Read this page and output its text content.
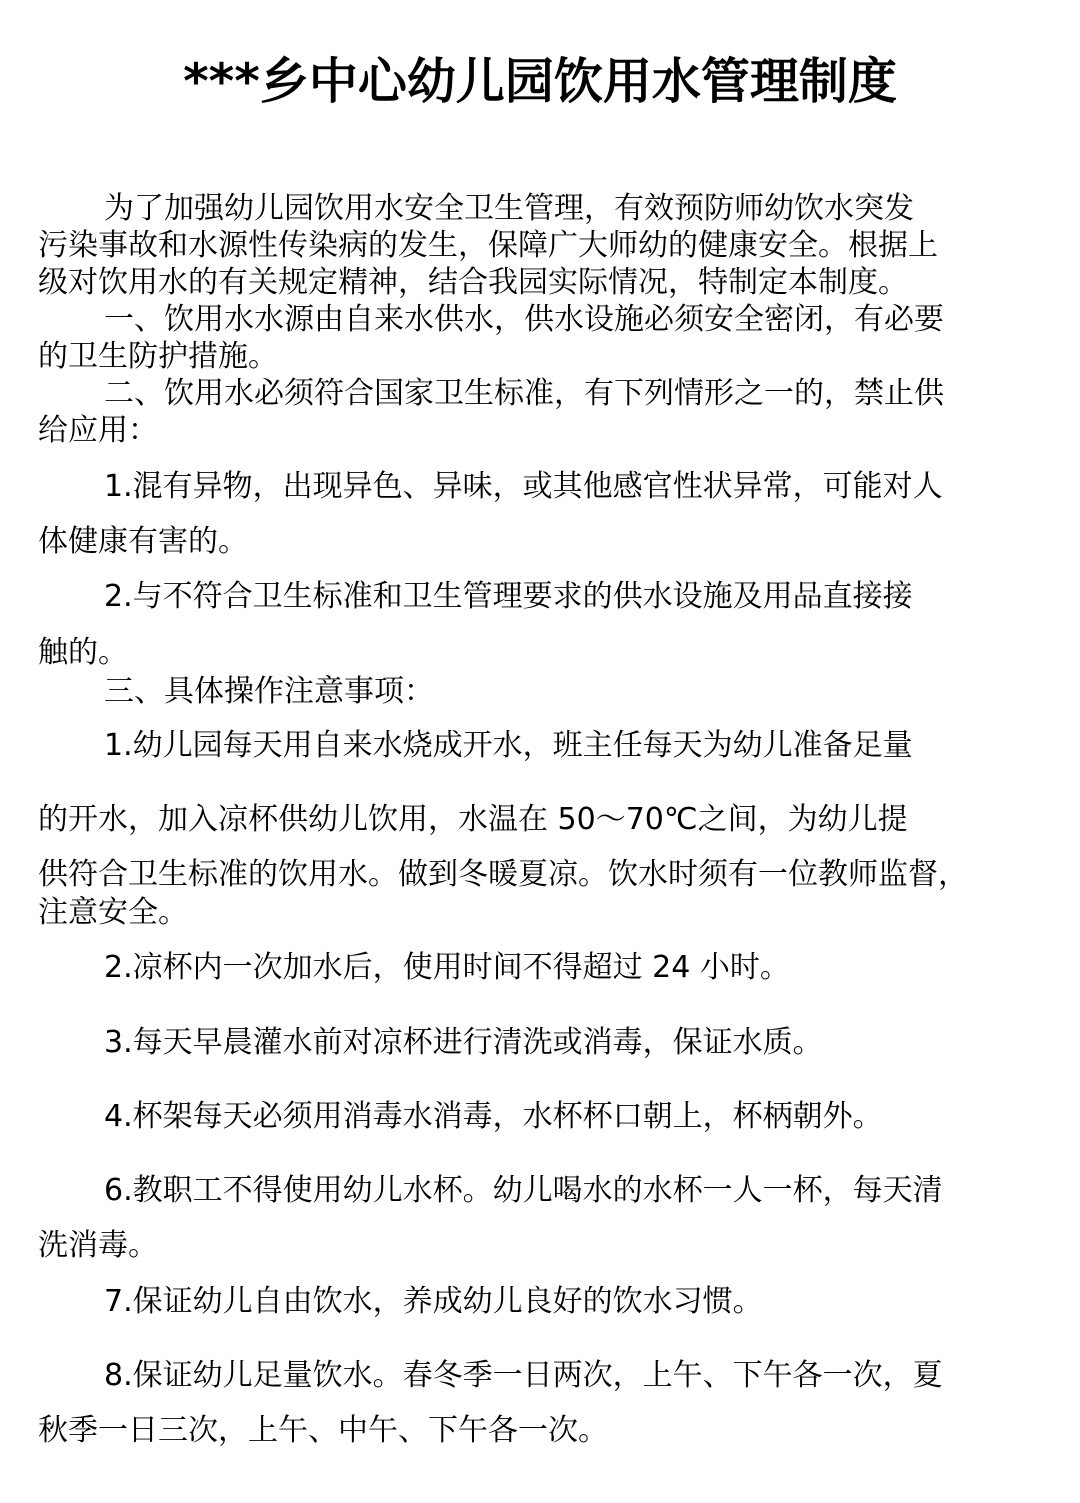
***乡中心幼儿园饮用水管理制度
为了加强幼儿园饮用水安全卫生管理，有效预防师幼饮水突发
污染事故和水源性传染病的发生，保障广大师幼的健康安全。根据上
级对饮用水的有关规定精神，结合我园实际情况，特制定本制度。
一、饮用水水源由自来水供水，供水设施必须安全密闭，有必要
的卫生防护措施。
二、饮用水必须符合国家卫生标准，有下列情形之一的，禁止供
给应用：
1.混有异物，出现异色、异味，或其他感官性状异常，可能对人
体健康有害的。
2.与不符合卫生标准和卫生管理要求的供水设施及用品直接接
触的。
三、具体操作注意事项：
1.幼儿园每天用自来水烧成开水，班主任每天为幼儿准备足量
的开水，加入凉杯供幼儿饮用，水温在 50～70℃之间，为幼儿提
供符合卫生标准的饮用水。做到冬暖夏凉。饮水时须有一位教师监督，
注意安全。
2.凉杯内一次加水后，使用时间不得超过 24 小时。
3.每天早晨灌水前对凉杯进行清洗或消毒，保证水质。
4.杯架每天必须用消毒水消毒，水杯杯口朝上，杯柄朝外。
6.教职工不得使用幼儿水杯。幼儿喝水的水杯一人一杯，每天清
洗消毒。
7.保证幼儿自由饮水，养成幼儿良好的饮水习惯。
8.保证幼儿足量饮水。春冬季一日两次，上午、下午各一次，夏
秋季一日三次，上午、中午、下午各一次。
